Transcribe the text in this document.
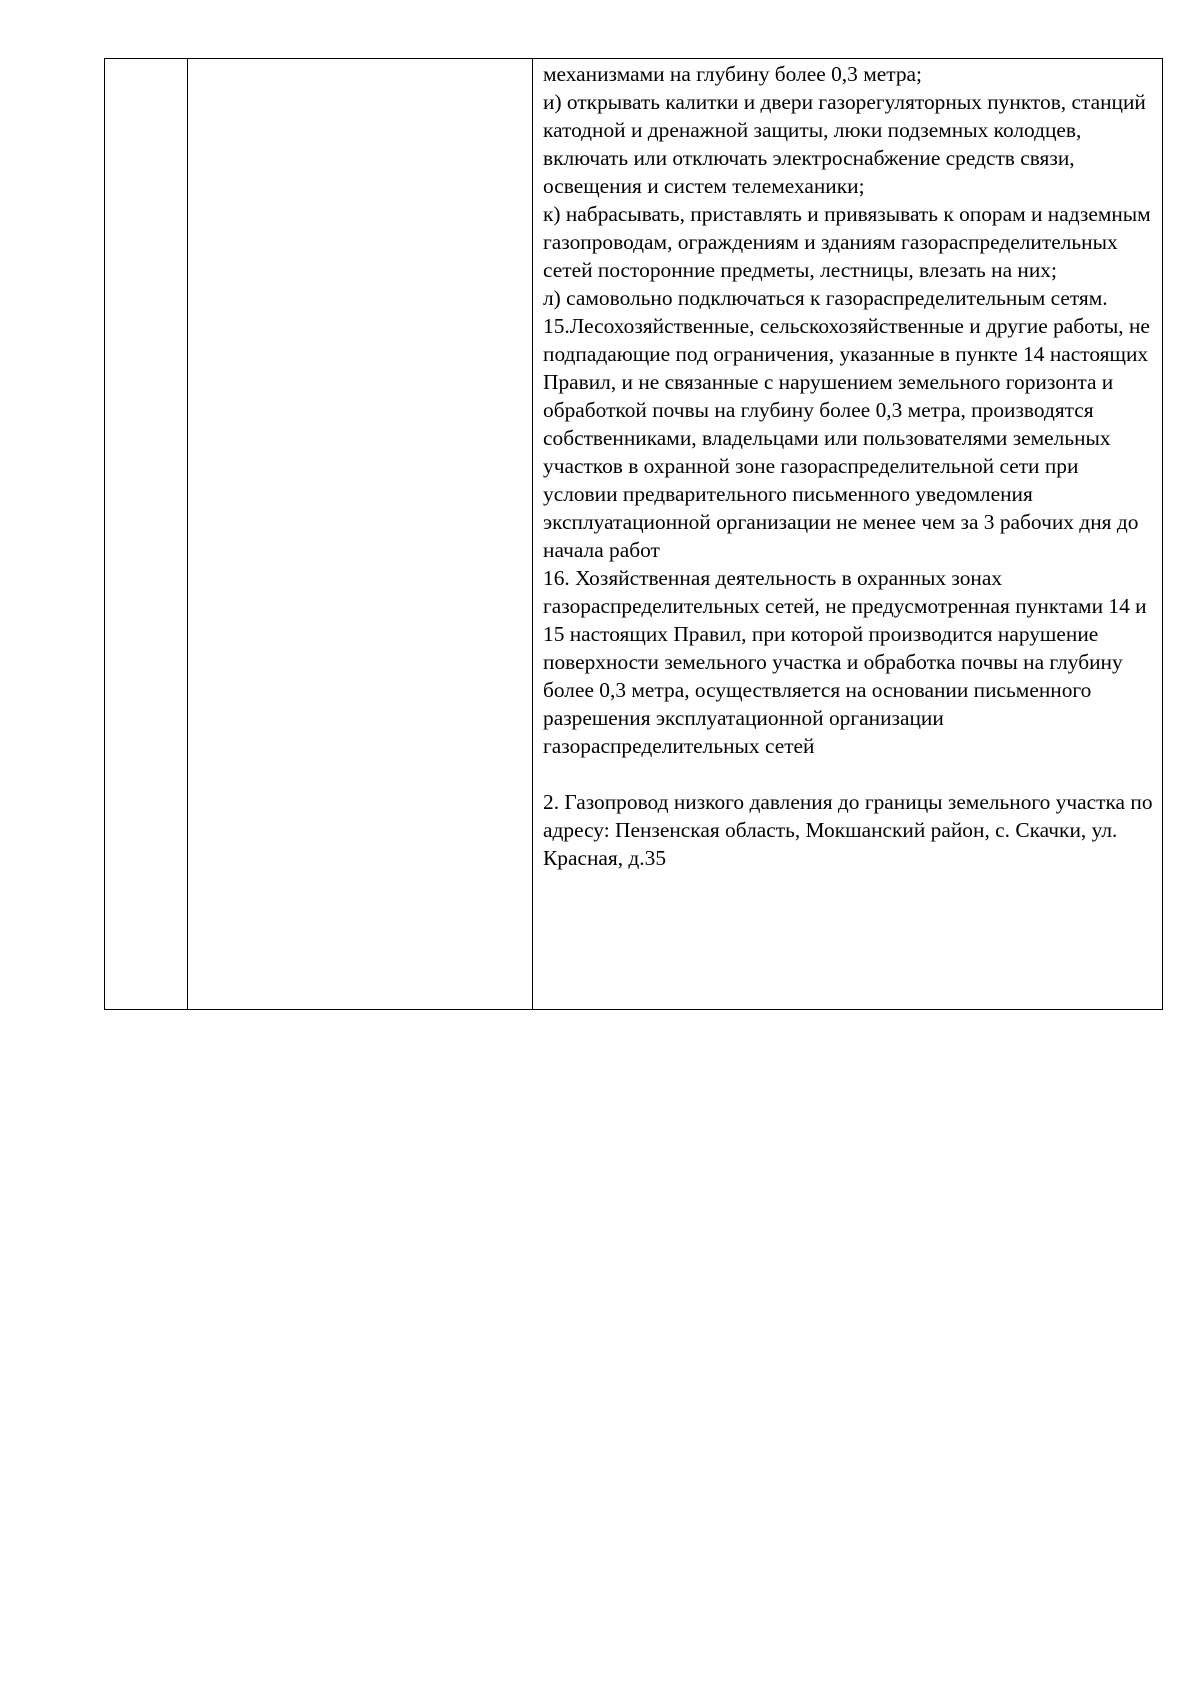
механизмами на глубину более 0,3 метра;

и) открывать калитки и двери газорегуляторных пунктов, станций катодной и дренажной защиты, люки подземных колодцев, включать или отключать электроснабжение средств связи, освещения и систем телемеханики;

к) набрасывать, приставлять и привязывать к опорам и надземным газопроводам, ограждениям и зданиям газораспределительных сетей посторонние предметы, лестницы, влезать на них;

л) самовольно подключаться к газораспределительным сетям.

15.Лесохозяйственные, сельскохозяйственные и другие работы, не подпадающие под ограничения, указанные в пункте 14 настоящих Правил, и не связанные с нарушением земельного горизонта и обработкой почвы на глубину более 0,3 метра, производятся собственниками, владельцами или пользователями земельных участков в охранной зоне газораспределительной сети при условии предварительного письменного уведомления эксплуатационной организации не менее чем за 3 рабочих дня до начала работ

16. Хозяйственная деятельность в охранных зонах газораспределительных сетей, не предусмотренная пунктами 14 и 15 настоящих Правил, при которой производится нарушение поверхности земельного участка и обработка почвы на глубину более 0,3 метра, осуществляется на основании письменного разрешения эксплуатационной организации газораспределительных сетей

2. Газопровод низкого давления до границы земельного участка по адресу: Пензенская область, Мокшанский район, с. Скачки, ул. Красная, д.35
